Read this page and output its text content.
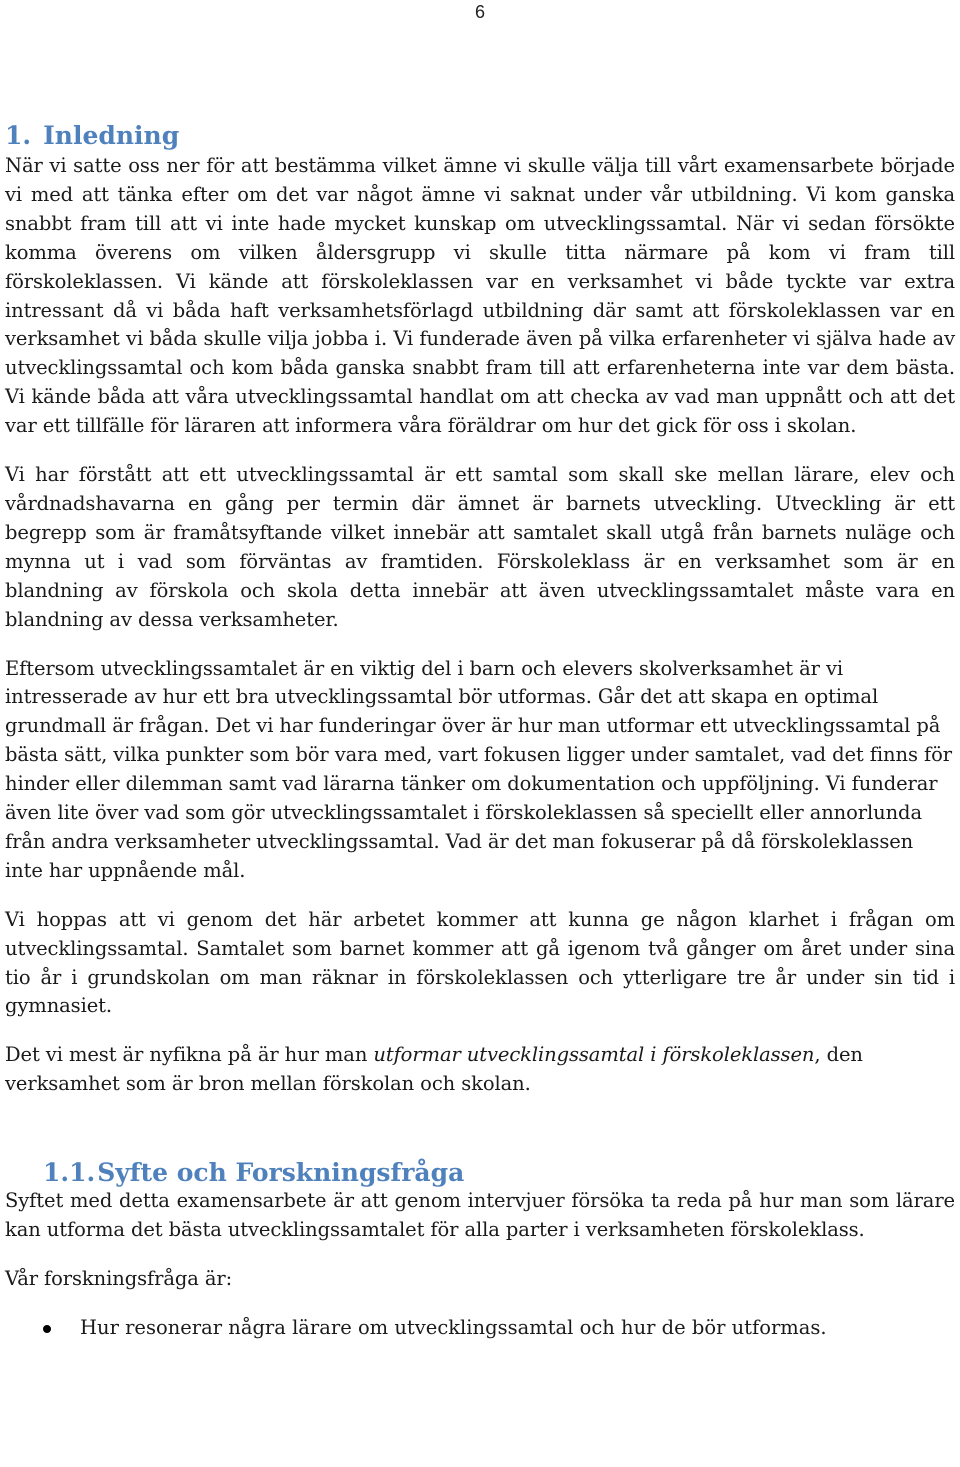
6
1. Inledning

När vi satte oss ner för att bestämma vilket ämne vi skulle välja till vårt examensarbete började vi med att tänka efter om det var något ämne vi saknat under vår utbildning. Vi kom ganska snabbt fram till att vi inte hade mycket kunskap om utvecklingssamtal. När vi sedan försökte komma överens om vilken åldersgrupp vi skulle titta närmare på kom vi fram till förskoleklassen. Vi kände att förskoleklassen var en verksamhet vi både tyckte var extra intressant då vi båda haft verksamhetsförlagd utbildning där samt att förskoleklassen var en verksamhet vi båda skulle vilja jobba i. Vi funderade även på vilka erfarenheter vi själva hade av utvecklingssamtal och kom båda ganska snabbt fram till att erfarenheterna inte var dem bästa. Vi kände båda att våra utvecklingssamtal handlat om att checka av vad man uppnått och att det var ett tillfälle för läraren att informera våra föräldrar om hur det gick för oss i skolan.

Vi har förstått att ett utvecklingssamtal är ett samtal som skall ske mellan lärare, elev och vårdnadshavarna en gång per termin där ämnet är barnets utveckling. Utveckling är ett begrepp som är framåtsyftande vilket innebär att samtalet skall utgå från barnets nuläge och mynna ut i vad som förväntas av framtiden. Förskoleklass är en verksamhet som är en blandning av förskola och skola detta innebär att även utvecklingssamtalet måste vara en blandning av dessa verksamheter.

Eftersom utvecklingssamtalet är en viktig del i barn och elevers skolverksamhet är vi intresserade av hur ett bra utvecklingssamtal bör utformas. Går det att skapa en optimal grundmall är frågan. Det vi har funderingar över är hur man utformar ett utvecklingssamtal på bästa sätt, vilka punkter som bör vara med, vart fokusen ligger under samtalet, vad det finns för hinder eller dilemman samt vad lärarna tänker om dokumentation och uppföljning. Vi funderar även lite över vad som gör utvecklingssamtalet i förskoleklassen så speciellt eller annorlunda från andra verksamheter utvecklingssamtal. Vad är det man fokuserar på då förskoleklassen inte har uppnående mål.

Vi hoppas att vi genom det här arbetet kommer att kunna ge någon klarhet i frågan om utvecklingssamtal. Samtalet som barnet kommer att gå igenom två gånger om året under sina tio år i grundskolan om man räknar in förskoleklassen och ytterligare tre år under sin tid i gymnasiet.

Det vi mest är nyfikna på är hur man utformar utvecklingssamtal i förskoleklassen, den verksamhet som är bron mellan förskolan och skolan.

1.1.Syfte och Forskningsfråga

Syftet med detta examensarbete är att genom intervjuer försöka ta reda på hur man som lärare kan utforma det bästa utvecklingssamtalet för alla parter i verksamheten förskoleklass.

Vår forskningsfråga är:

Hur resonerar några lärare om utvecklingssamtal och hur de bör utformas.
